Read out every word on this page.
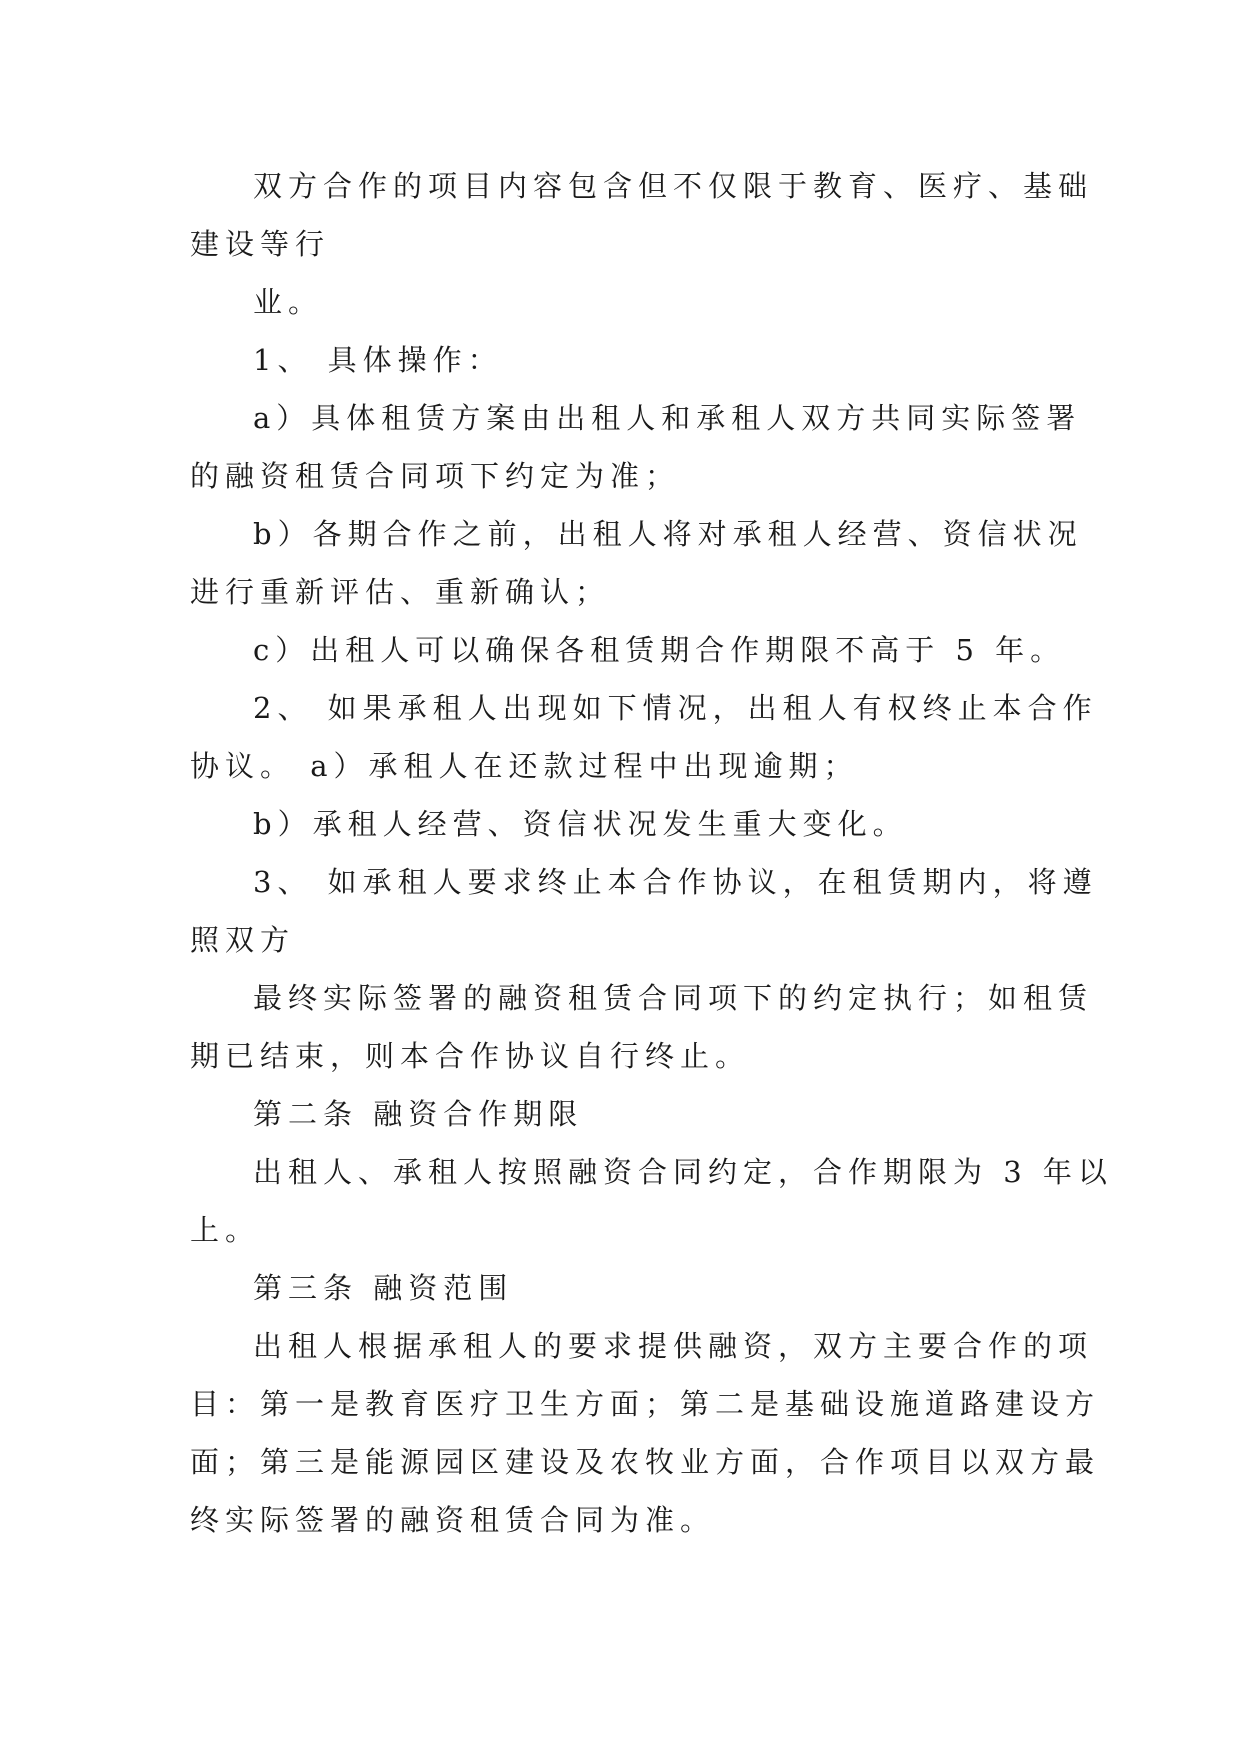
双方合作的项目内容包含但不仅限于教育、医疗、基础
建设等行
业。
1、 具体操作：
a）具体租赁方案由出租人和承租人双方共同实际签署
的融资租赁合同项下约定为准；
b）各期合作之前，出租人将对承租人经营、资信状况
进行重新评估、重新确认；
c）出租人可以确保各租赁期合作期限不高于 5 年。
2、 如果承租人出现如下情况，出租人有权终止本合作
协议。 a）承租人在还款过程中出现逾期；
b）承租人经营、资信状况发生重大变化。
3、 如承租人要求终止本合作协议，在租赁期内，将遵
照双方
最终实际签署的融资租赁合同项下的约定执行；如租赁
期已结束，则本合作协议自行终止。
第二条 融资合作期限
出租人、承租人按照融资合同约定，合作期限为 3 年以
上。
第三条 融资范围
出租人根据承租人的要求提供融资，双方主要合作的项
目：第一是教育医疗卫生方面；第二是基础设施道路建设方
面；第三是能源园区建设及农牧业方面，合作项目以双方最
终实际签署的融资租赁合同为准。
